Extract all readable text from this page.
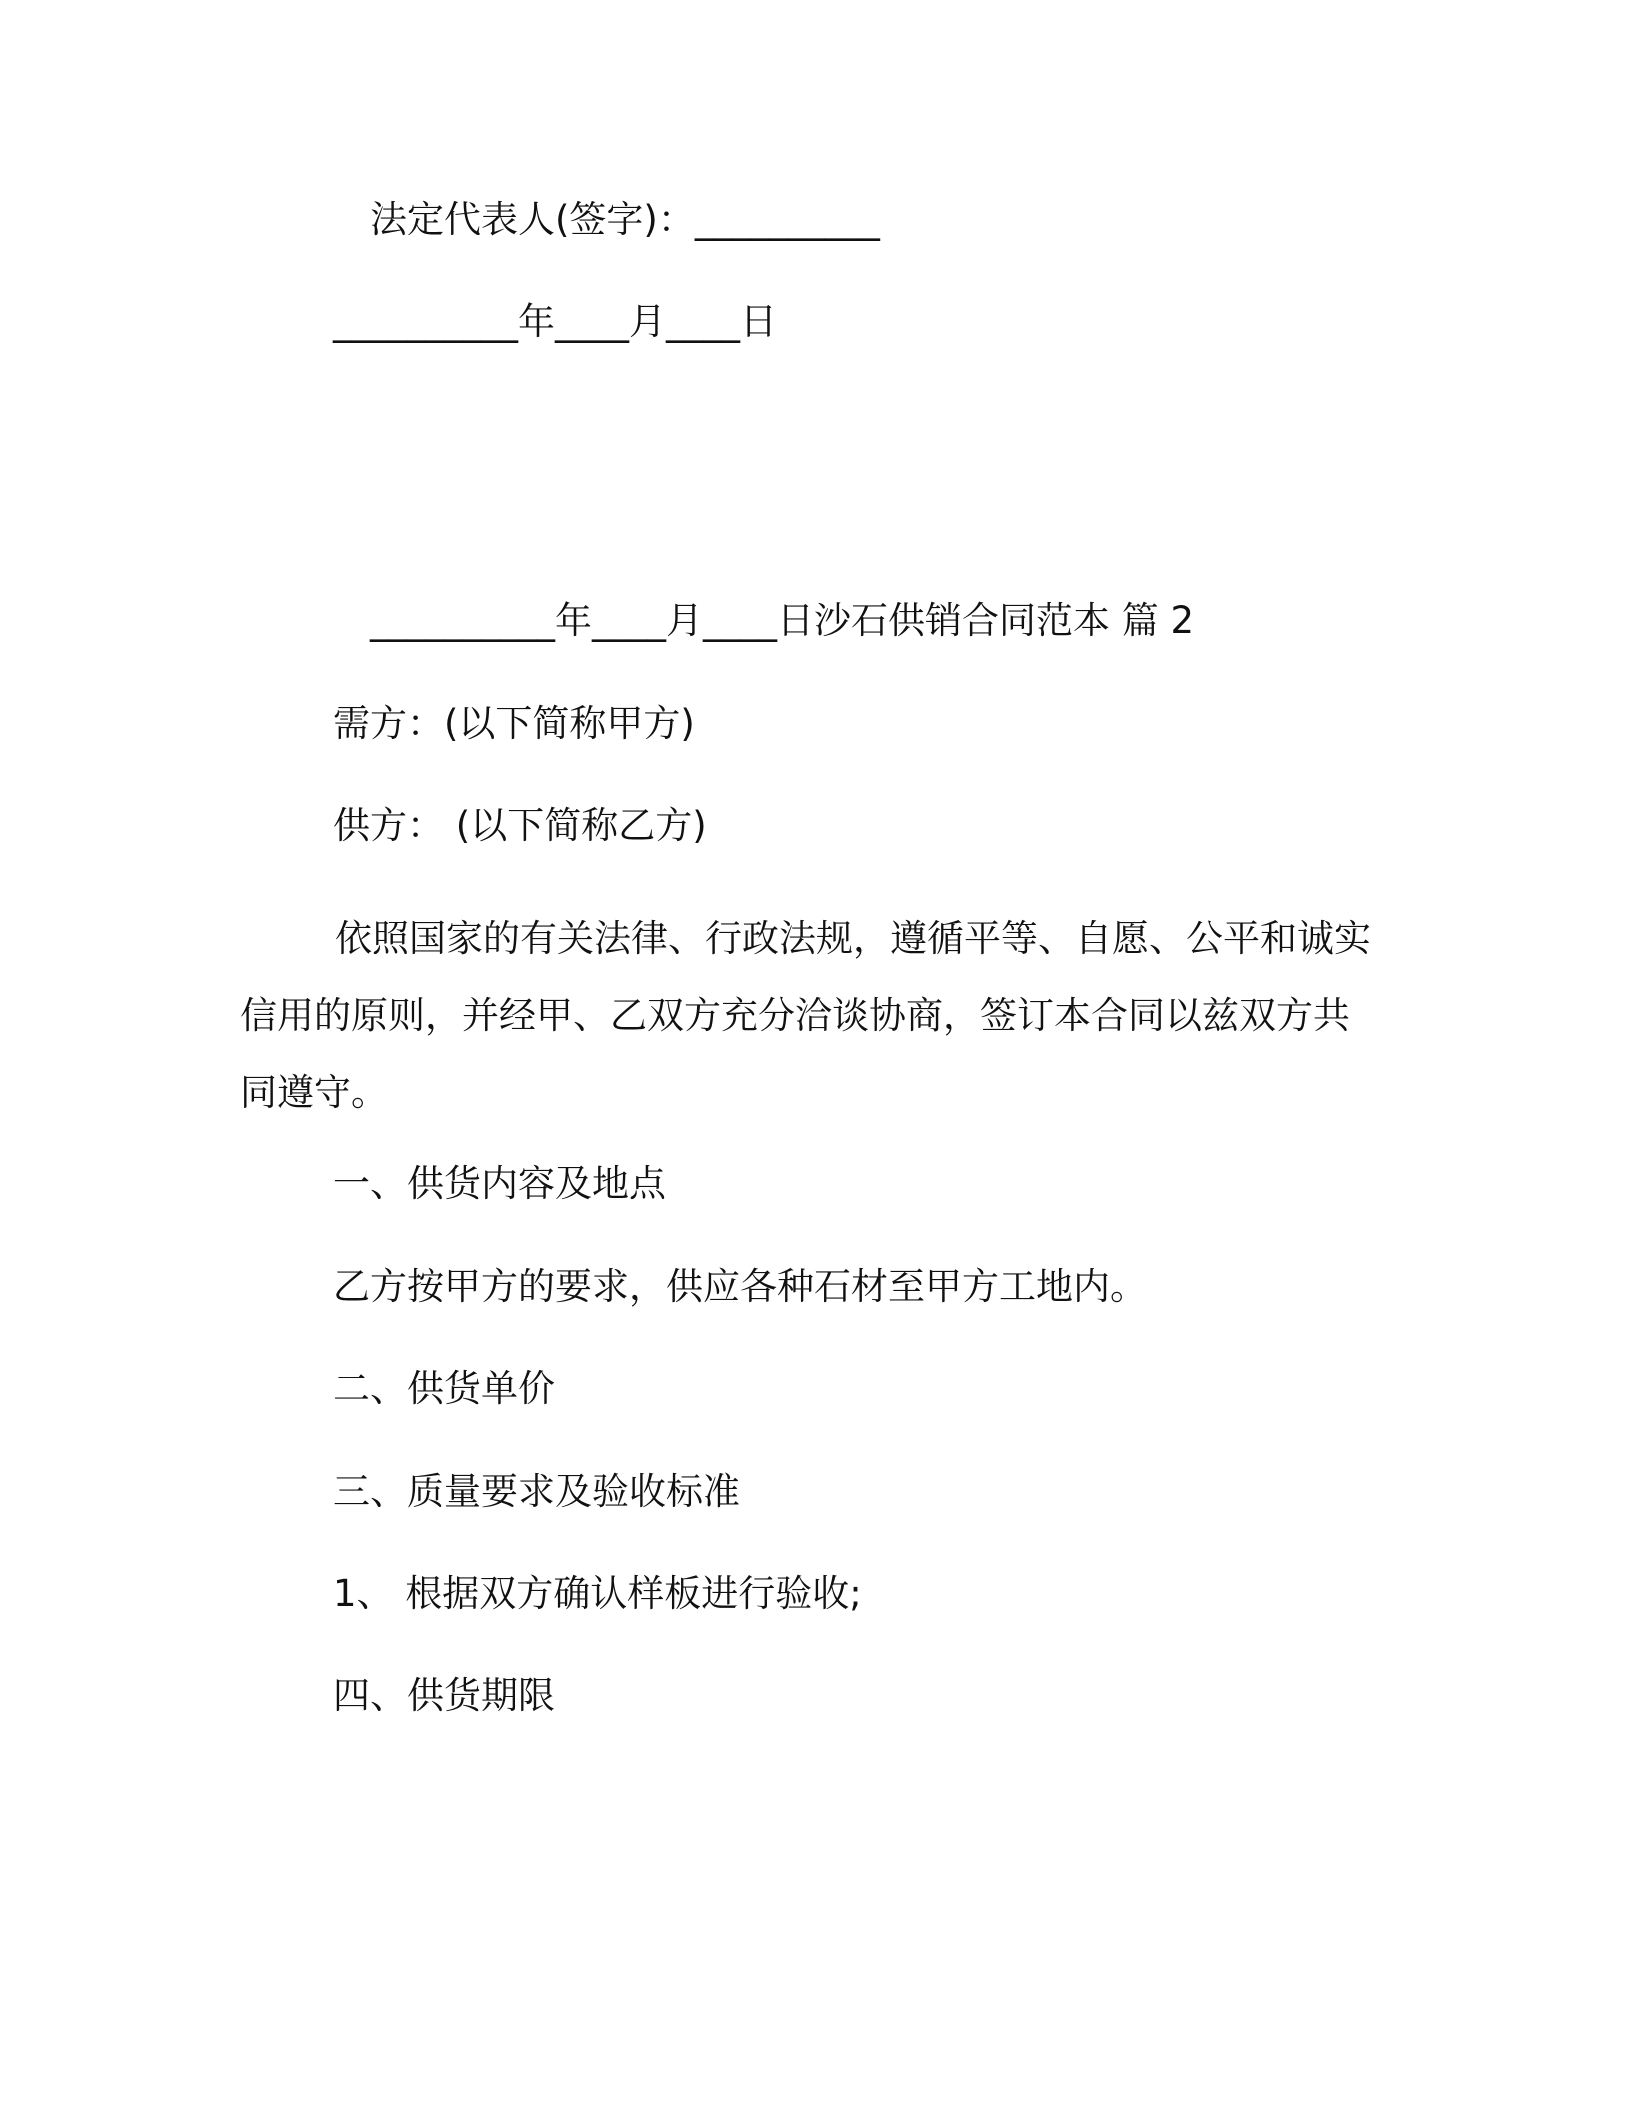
法定代表人(签字)：__________
__________年____月____日
__________年____月____日沙石供销合同范本 篇 2
需方：(以下简称甲方)
供方： (以下简称乙方)
依照国家的有关法律、行政法规，遵循平等、自愿、公平和诚实信用的原则，并经甲、乙双方充分洽谈协商，签订本合同以兹双方共同遵守。
一、供货内容及地点
乙方按甲方的要求，供应各种石材至甲方工地内。
二、供货单价
三、质量要求及验收标准
1、 根据双方确认样板进行验收;
四、供货期限
